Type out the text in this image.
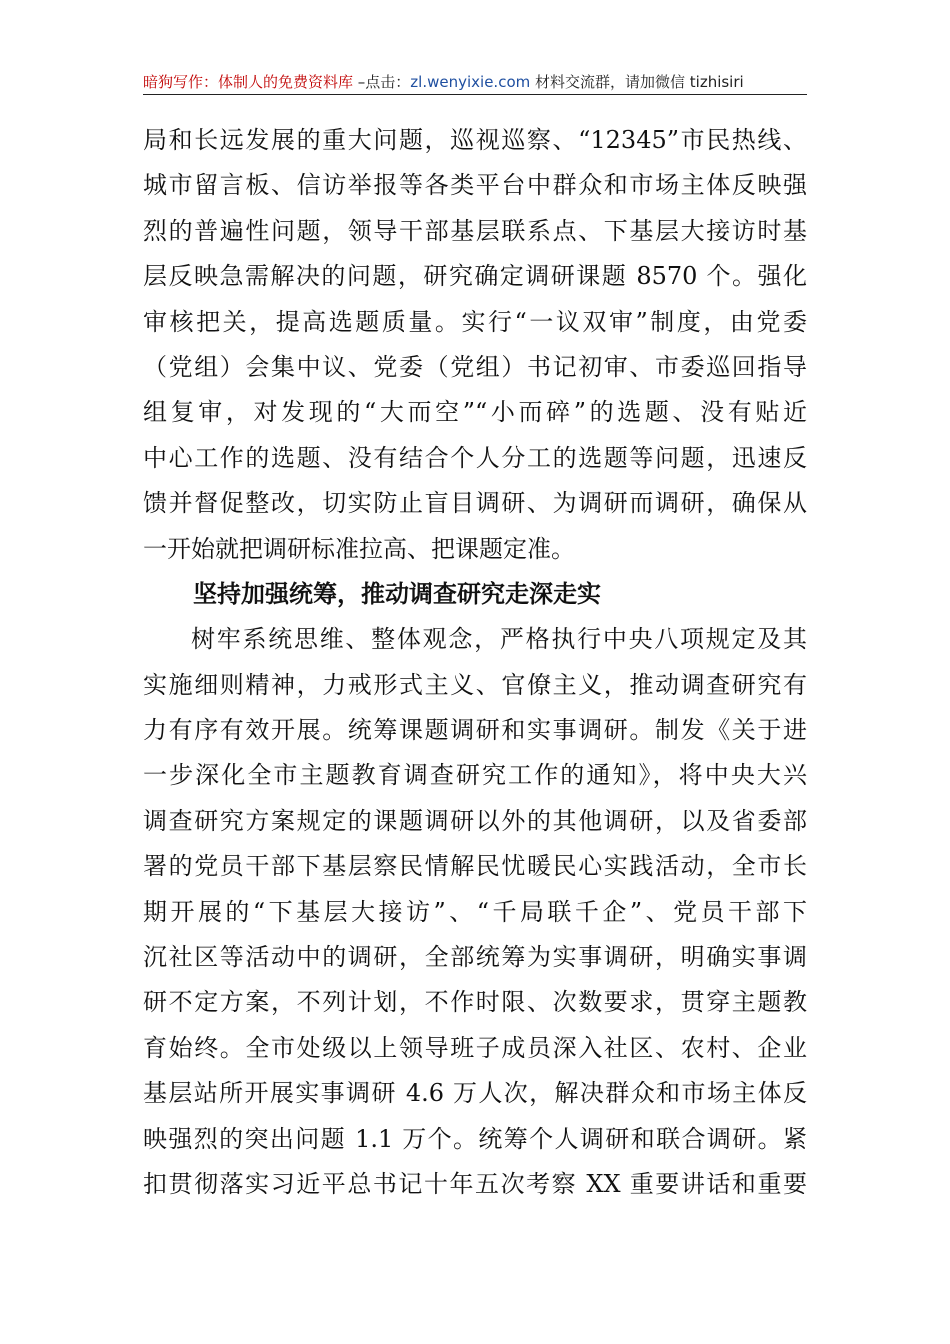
暗狗写作：体制人的免费资料库 –点击：zl.wenyixie.com 材料交流群，请加微信 tizhisiri
局和长远发展的重大问题，巡视巡察、“12345”市民热线、
城市留言板、信访举报等各类平台中群众和市场主体反映强
烈的普遍性问题，领导干部基层联系点、下基层大接访时基
层反映急需解决的问题，研究确定调研课题 8570 个。强化
审核把关，提高选题质量。实行“一议双审”制度，由党委
（党组）会集中议、党委（党组）书记初审、市委巡回指导
组复审，对发现的“大而空”“小而碎”的选题、没有贴近
中心工作的选题、没有结合个人分工的选题等问题，迅速反
馈并督促整改，切实防止盲目调研、为调研而调研，确保从
一开始就把调研标准拉高、把课题定准。
坚持加强统筹，推动调查研究走深走实
树牢系统思维、整体观念，严格执行中央八项规定及其
实施细则精神，力戒形式主义、官僚主义，推动调查研究有
力有序有效开展。统筹课题调研和实事调研。制发《关于进
一步深化全市主题教育调查研究工作的通知》，将中央大兴
调查研究方案规定的课题调研以外的其他调研，以及省委部
署的党员干部下基层察民情解民忧暖民心实践活动，全市长
期开展的“下基层大接访”、“千局联千企”、党员干部下
沉社区等活动中的调研，全部统筹为实事调研，明确实事调
研不定方案，不列计划，不作时限、次数要求，贯穿主题教
育始终。全市处级以上领导班子成员深入社区、农村、企业
基层站所开展实事调研 4.6 万人次，解决群众和市场主体反
映强烈的突出问题 1.1 万个。统筹个人调研和联合调研。紧
扣贯彻落实习近平总书记十年五次考察 XX 重要讲话和重要
